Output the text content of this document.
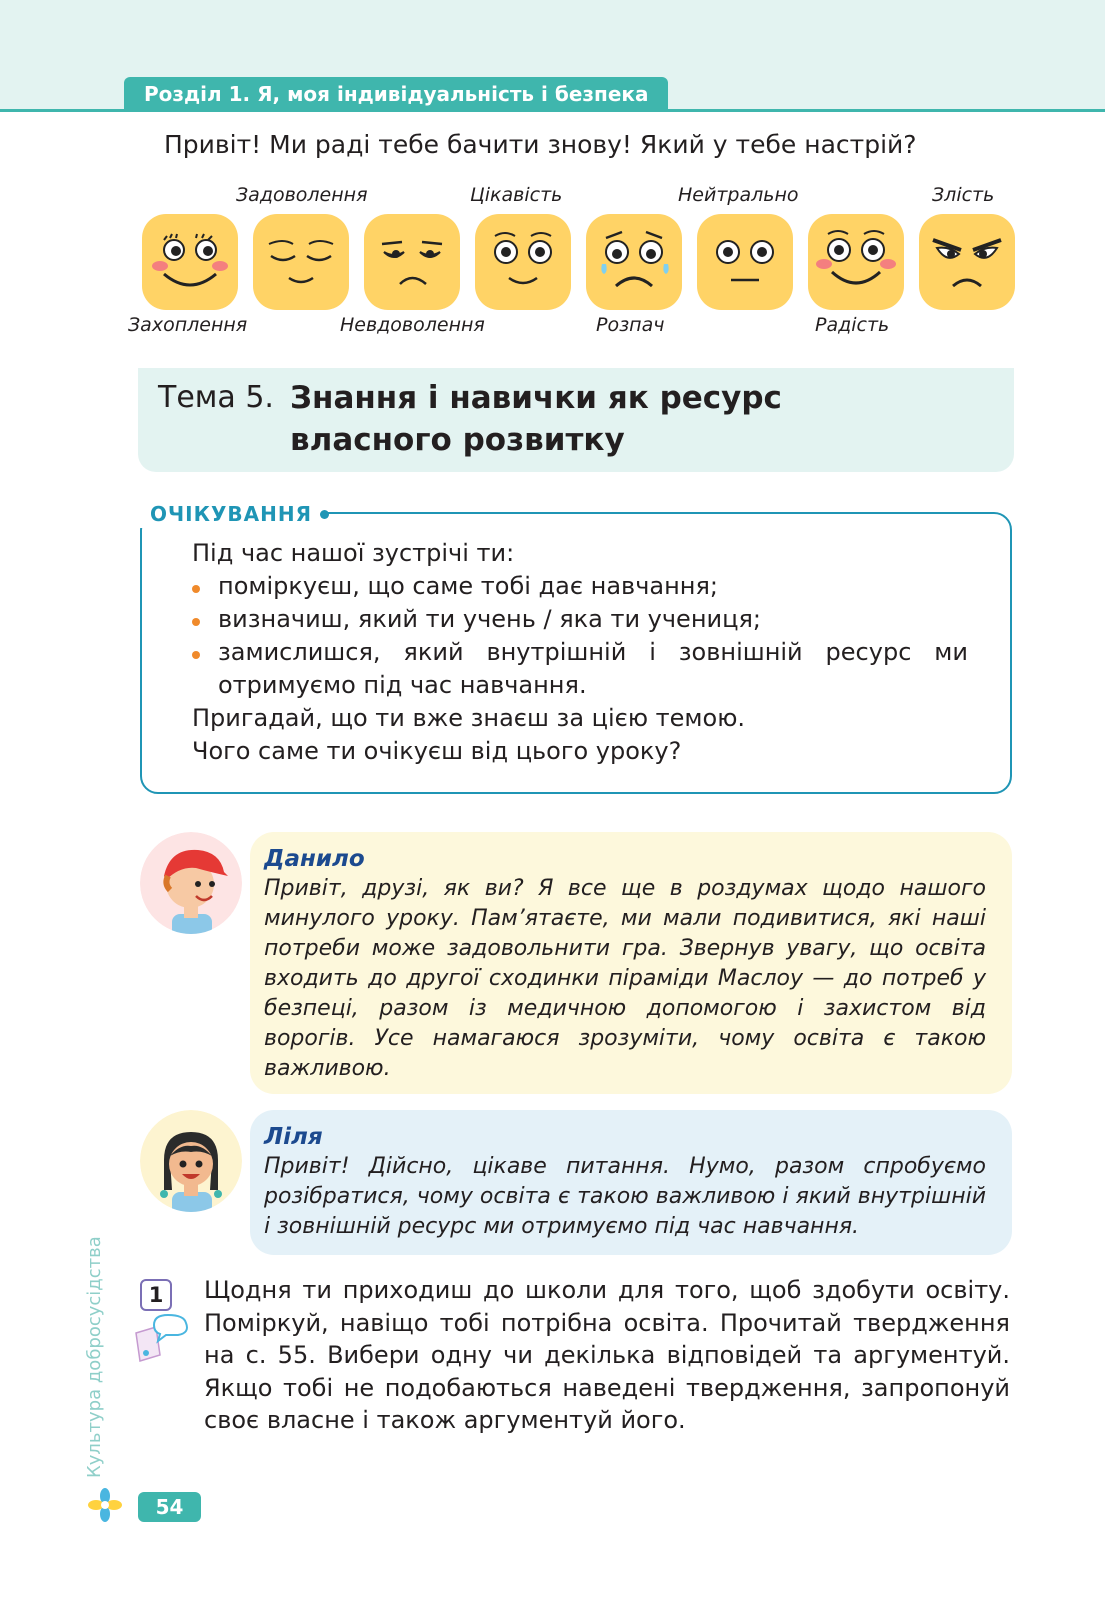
Розділ 1. Я, моя індивідуальність і безпека
Привіт! Ми раді тебе бачити знову! Який у тебе настрій?
Задоволення	Цікавість	Нейтрально	Злість
Захоплення	Невдоволення	Розпач	Радість
Тема 5. Знання і навички як ресурс
власного розвитку
ОЧІКУВАННЯ
Під час нашої зустрічі ти:
поміркуєш, що саме тобі дає навчання;
визначиш, який ти учень / яка ти учениця;
замислишся, який внутрішній і зовнішній ресурс ми отримуємо під час навчання.
Пригадай, що ти вже знаєш за цією темою.
Чого саме ти очікуєш від цього уроку?
Данило
Привіт, друзі, як ви? Я все ще в роздумах щодо нашого минулого уроку. Пам’ятаєте, ми мали подивитися, які наші потреби може задовольнити гра. Звернув увагу, що освіта входить до другої сходинки піраміди Маслоу — до потреб у безпеці, разом із медичною допомогою і захистом від ворогів. Усе намагаюся зрозуміти, чому освіта є такою важливою.
Ліля
Привіт! Дійсно, цікаве питання. Нумо, разом спробуємо розібратися, чому освіта є такою важливою і який внутрішній і зовнішній ресурс ми отримуємо під час навчання.
1	Щодня ти приходиш до школи для того, щоб здобути освіту. Поміркуй, навіщо тобі потрібна освіта. Прочитай твердження на с. 55. Вибери одну чи декілька відповідей та аргументуй. Якщо тобі не подобаються наведені твердження, запропонуй своє власне і також аргументуй його.
Культура добросусідства
54
